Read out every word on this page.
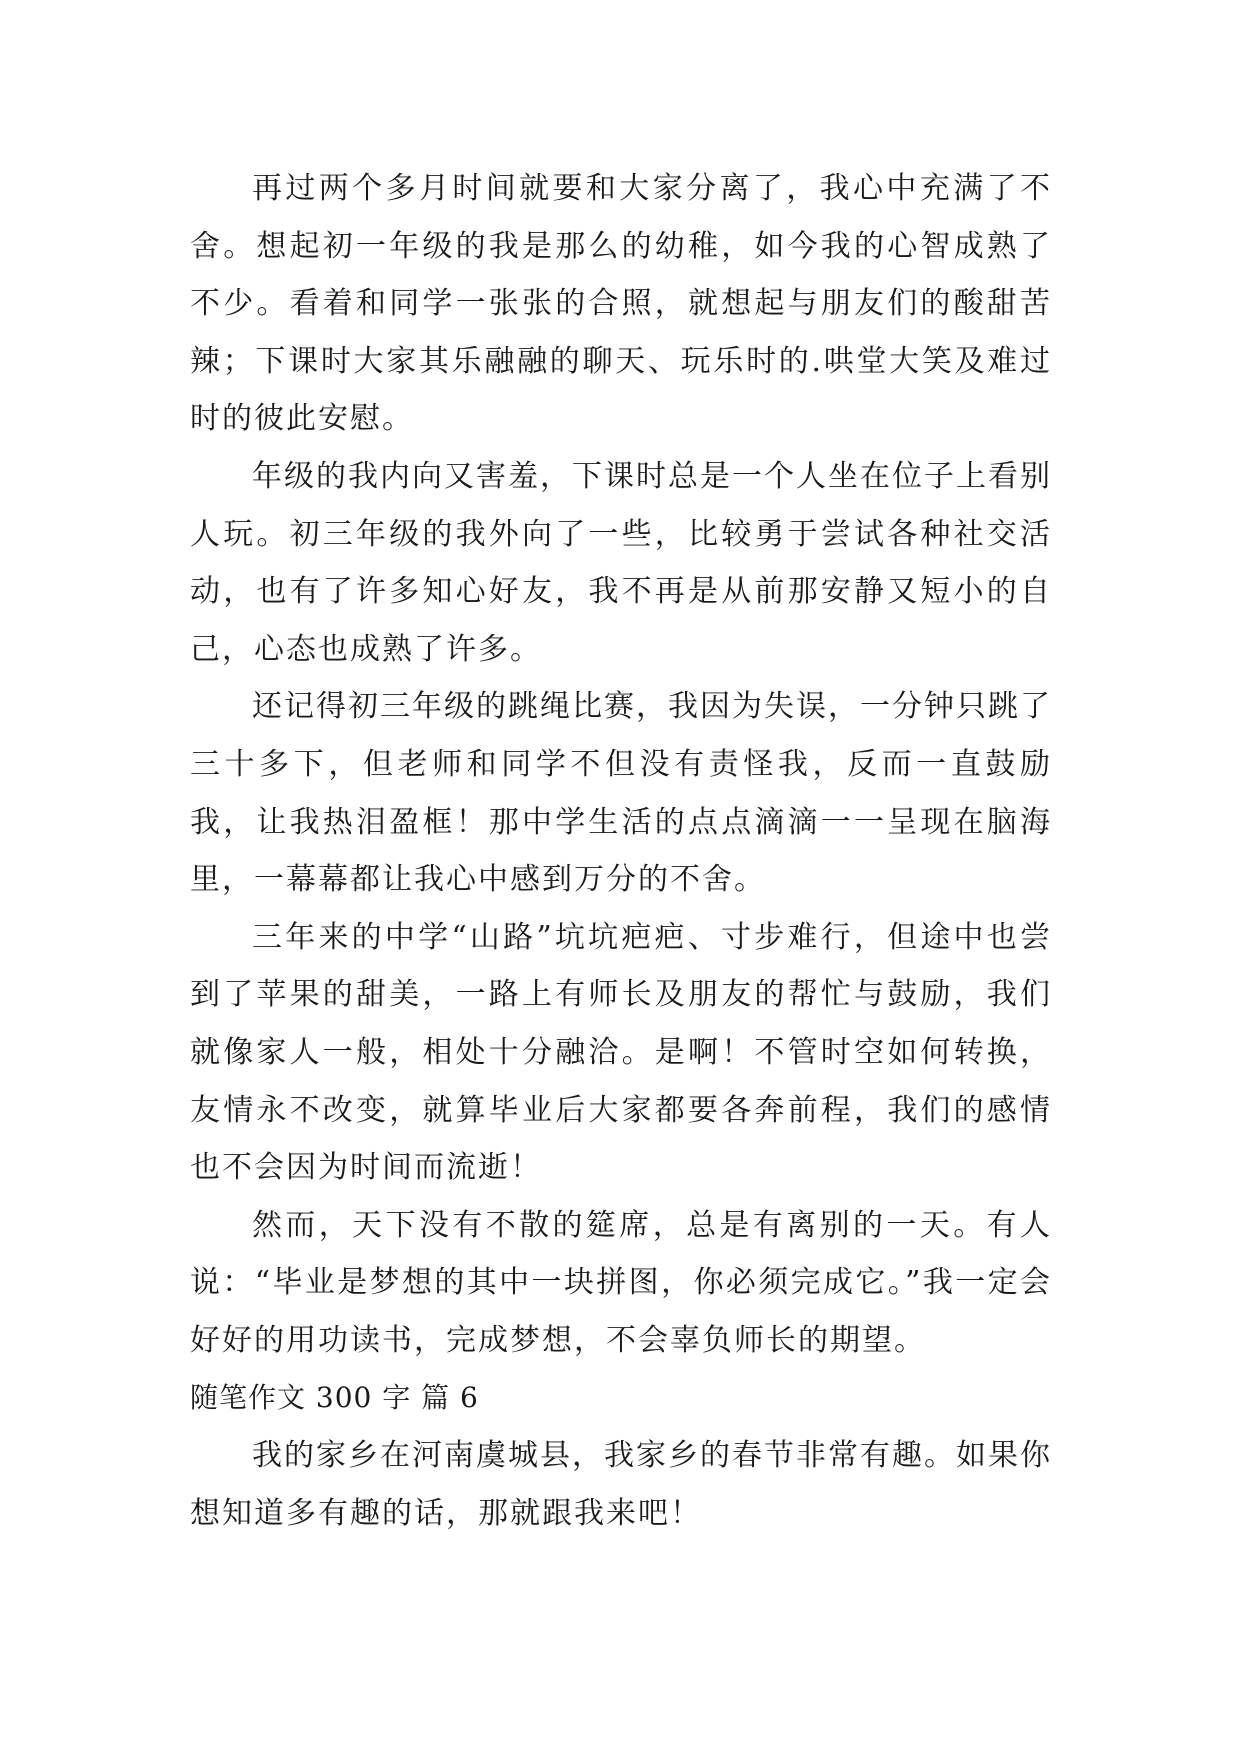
再过两个多月时间就要和大家分离了，我心中充满了不舍。想起初一年级的我是那么的幼稚，如今我的心智成熟了不少。看着和同学一张张的合照，就想起与朋友们的酸甜苦辣；下课时大家其乐融融的聊天、玩乐时的.哄堂大笑及难过时的彼此安慰。

年级的我内向又害羞，下课时总是一个人坐在位子上看别人玩。初三年级的我外向了一些，比较勇于尝试各种社交活动，也有了许多知心好友，我不再是从前那安静又短小的自己，心态也成熟了许多。

还记得初三年级的跳绳比赛，我因为失误，一分钟只跳了三十多下，但老师和同学不但没有责怪我，反而一直鼓励我，让我热泪盈框！那中学生活的点点滴滴一一呈现在脑海里，一幕幕都让我心中感到万分的不舍。

三年来的中学“山路”坑坑疤疤、寸步难行，但途中也尝到了苹果的甜美，一路上有师长及朋友的帮忙与鼓励，我们就像家人一般，相处十分融洽。是啊！不管时空如何转换，友情永不改变，就算毕业后大家都要各奔前程，我们的感情也不会因为时间而流逝！

然而，天下没有不散的筵席，总是有离别的一天。有人说：“毕业是梦想的其中一块拼图，你必须完成它。”我一定会好好的用功读书，完成梦想，不会辜负师长的期望。

随笔作文 300 字 篇 6

我的家乡在河南虞城县，我家乡的春节非常有趣。如果你想知道多有趣的话，那就跟我来吧！
